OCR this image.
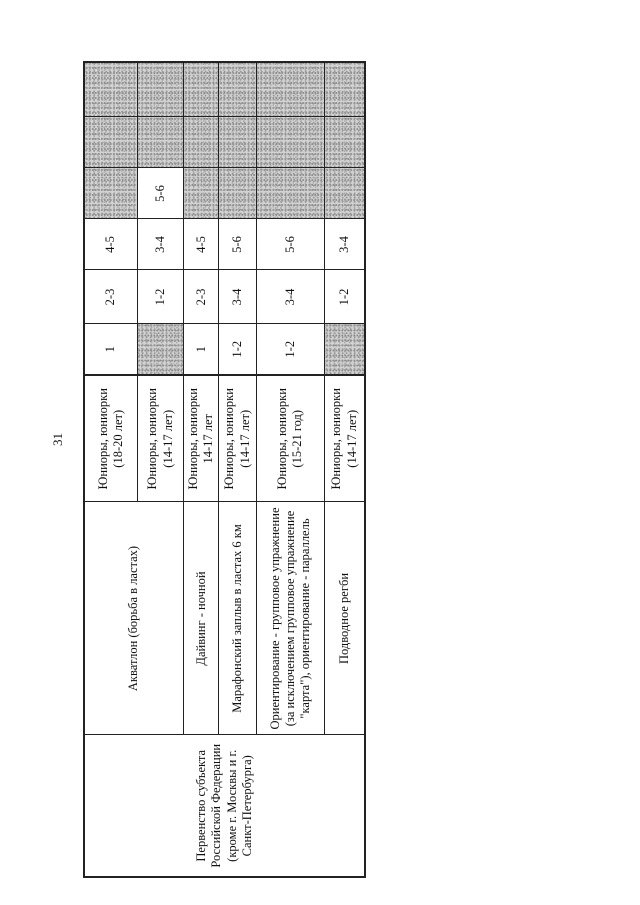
31
Первенство субъекта Российской Федерации (кроме г. Москвы и г. Санкт-Петербурга)	Акватлон (борьба в ластах)	Юниоры, юниорки (18-20 лет)	1	2-3	4-5			
		Юниоры, юниорки (14-17 лет)		1-2	3-4	5-6		
	Дайвинг - ночной	Юниоры, юниорки 14-17 лет	1	2-3	4-5			
	Марафонский заплыв в ластах 6 км	Юниоры, юниорки (14-17 лет)	1-2	3-4	5-6			
	Ориентирование - групповое упражнение (за исключением групповое упражнение "карта"), ориентирование - параллель	Юниоры, юниорки (15-21 год)	1-2	3-4	5-6			
	Подводное регби	Юниоры, юниорки (14-17 лет)		1-2	3-4			
